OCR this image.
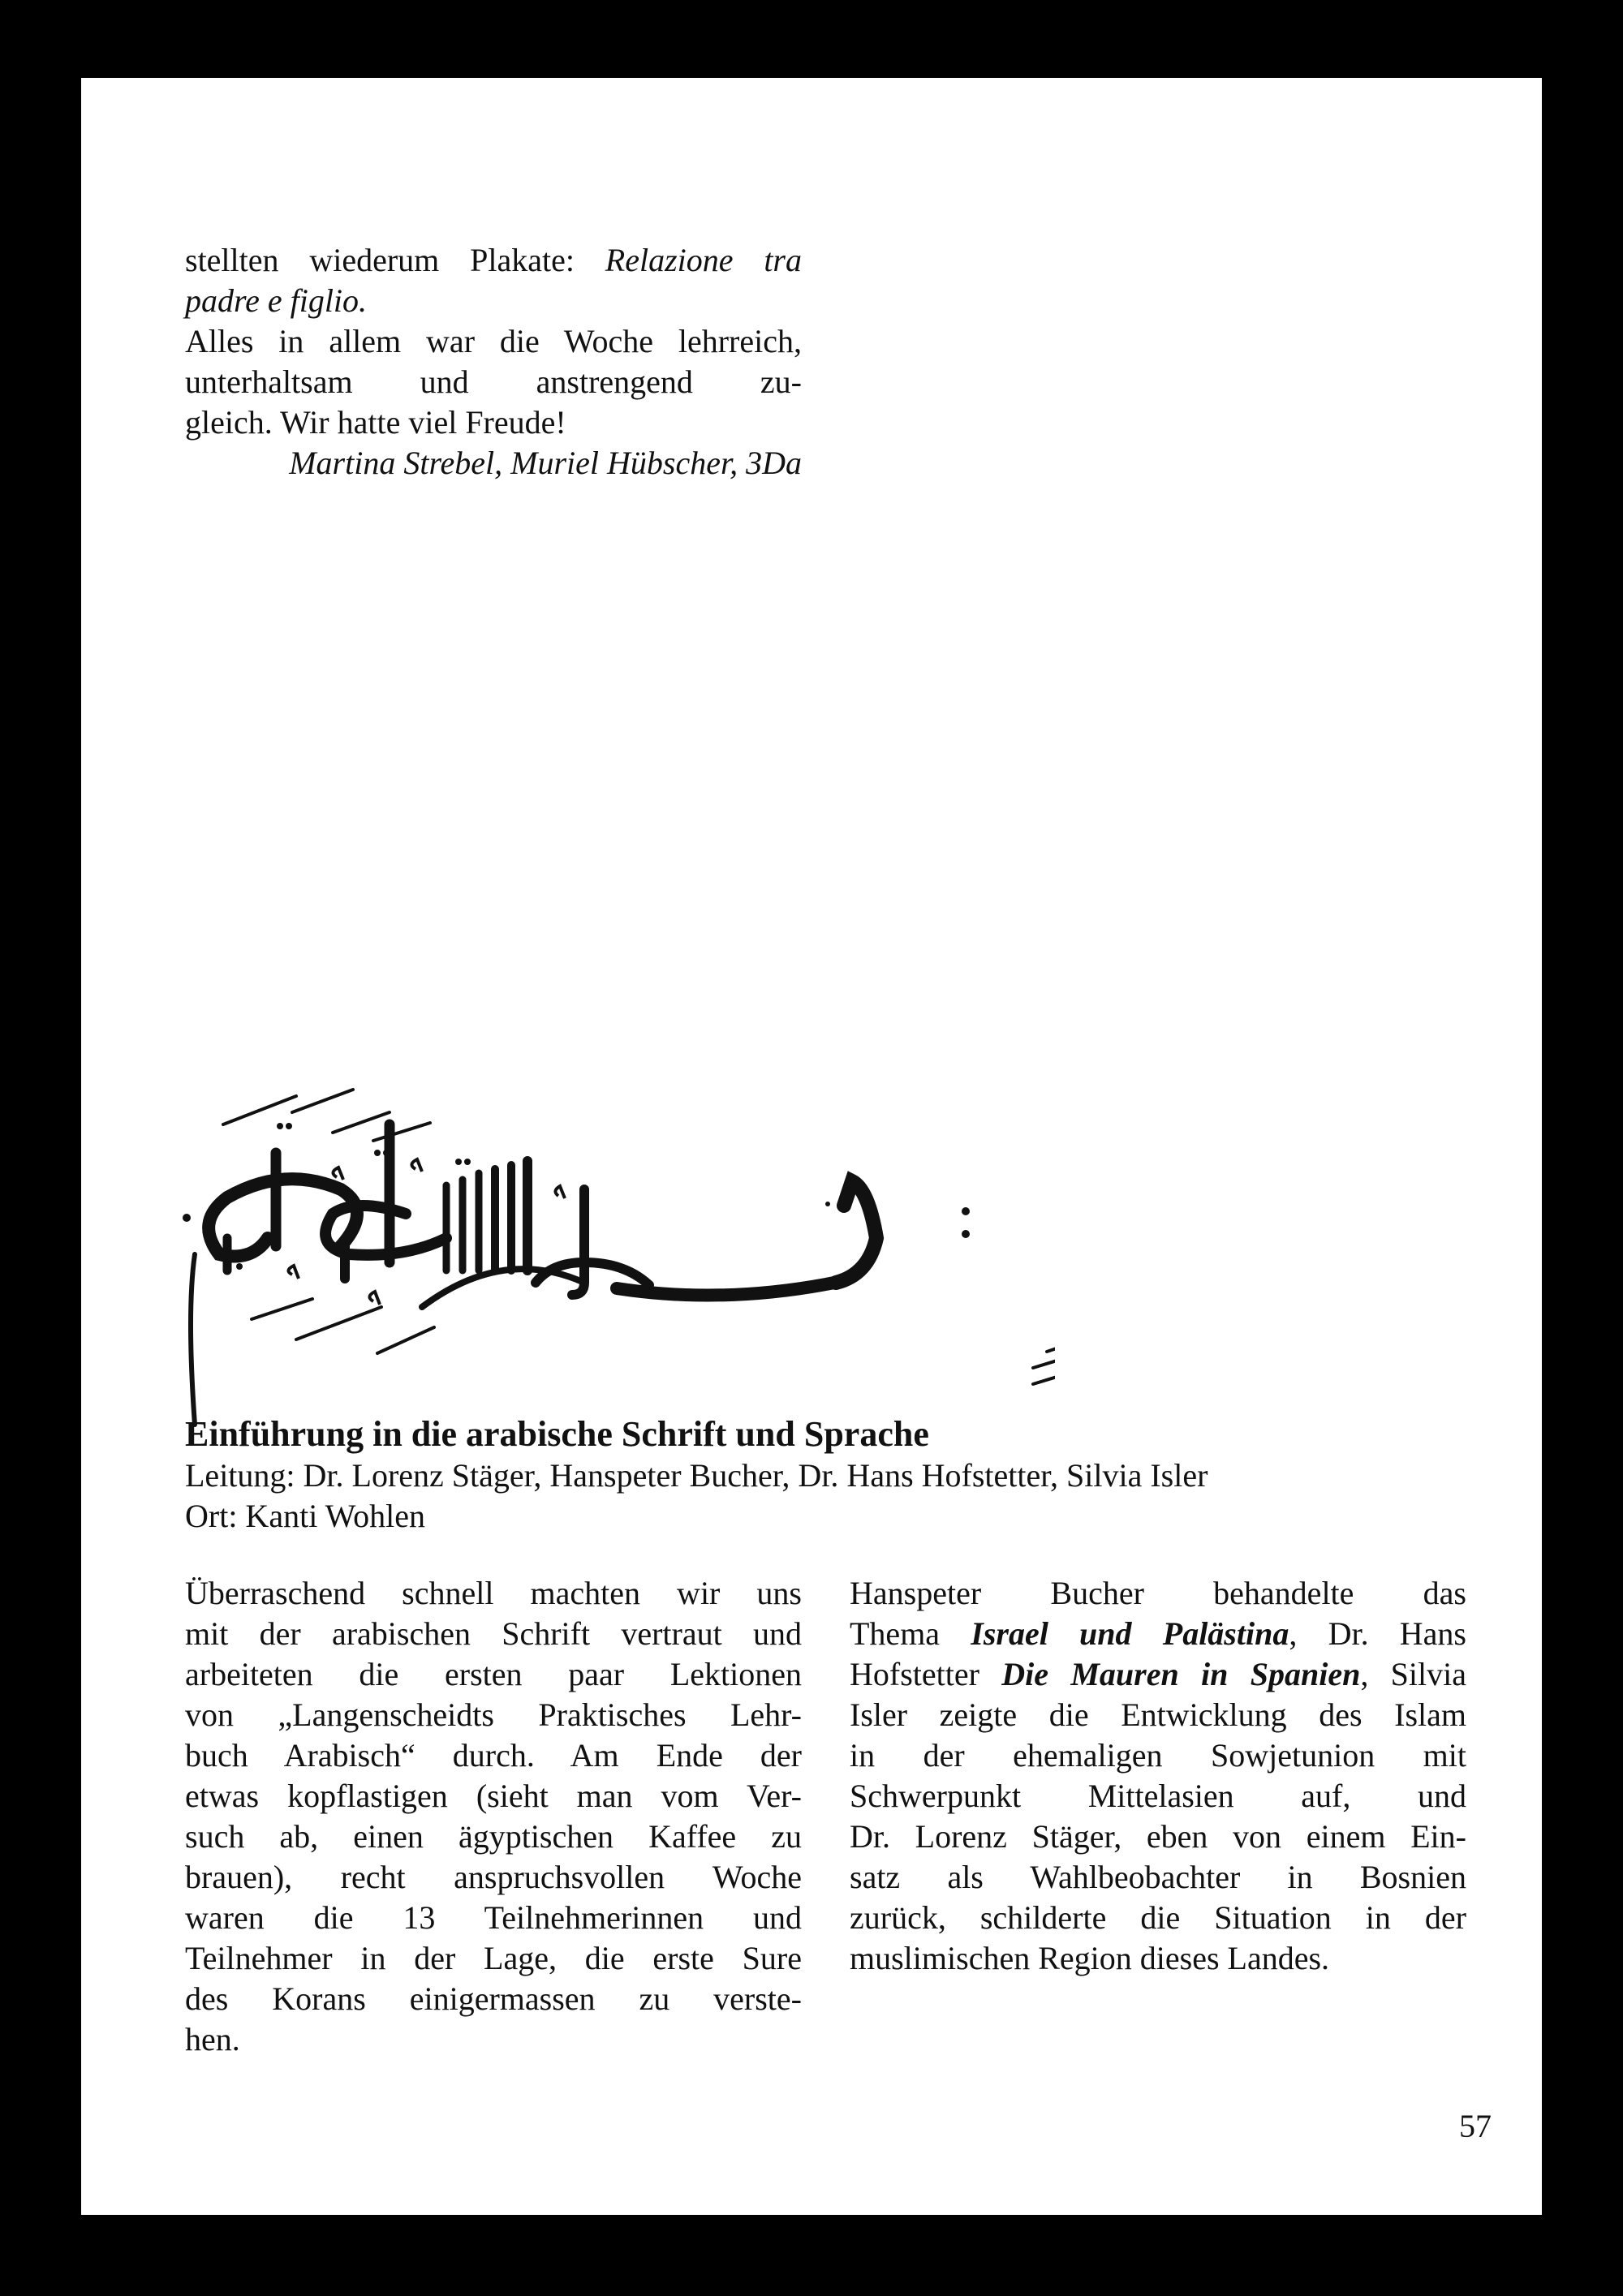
stellten wiederum Plakate: Relazione tra
padre e figlio.
Alles in allem war die Woche lehrreich,
unterhaltsam und anstrengend zu-
gleich. Wir hatte viel Freude!
Martina Strebel, Muriel Hübscher, 3Da
Einführung in die arabische Schrift und Sprache
Leitung: Dr. Lorenz Stäger, Hanspeter Bucher, Dr. Hans Hofstetter, Silvia Isler
Ort: Kanti Wohlen
Überraschend schnell machten wir uns
mit der arabischen Schrift vertraut und
arbeiteten die ersten paar Lektionen
von „Langenscheidts Praktisches Lehr-
buch Arabisch“ durch. Am Ende der
etwas kopflastigen (sieht man vom Ver-
such ab, einen ägyptischen Kaffee zu
brauen), recht anspruchsvollen Woche
waren die 13 Teilnehmerinnen und
Teilnehmer in der Lage, die erste Sure
des Korans einigermassen zu verste-
hen.
Hanspeter Bucher behandelte das
Thema Israel und Palästina, Dr. Hans
Hofstetter Die Mauren in Spanien, Silvia
Isler zeigte die Entwicklung des Islam
in der ehemaligen Sowjetunion mit
Schwerpunkt Mittelasien auf, und
Dr. Lorenz Stäger, eben von einem Ein-
satz als Wahlbeobachter in Bosnien
zurück, schilderte die Situation in der
muslimischen Region dieses Landes.
57
